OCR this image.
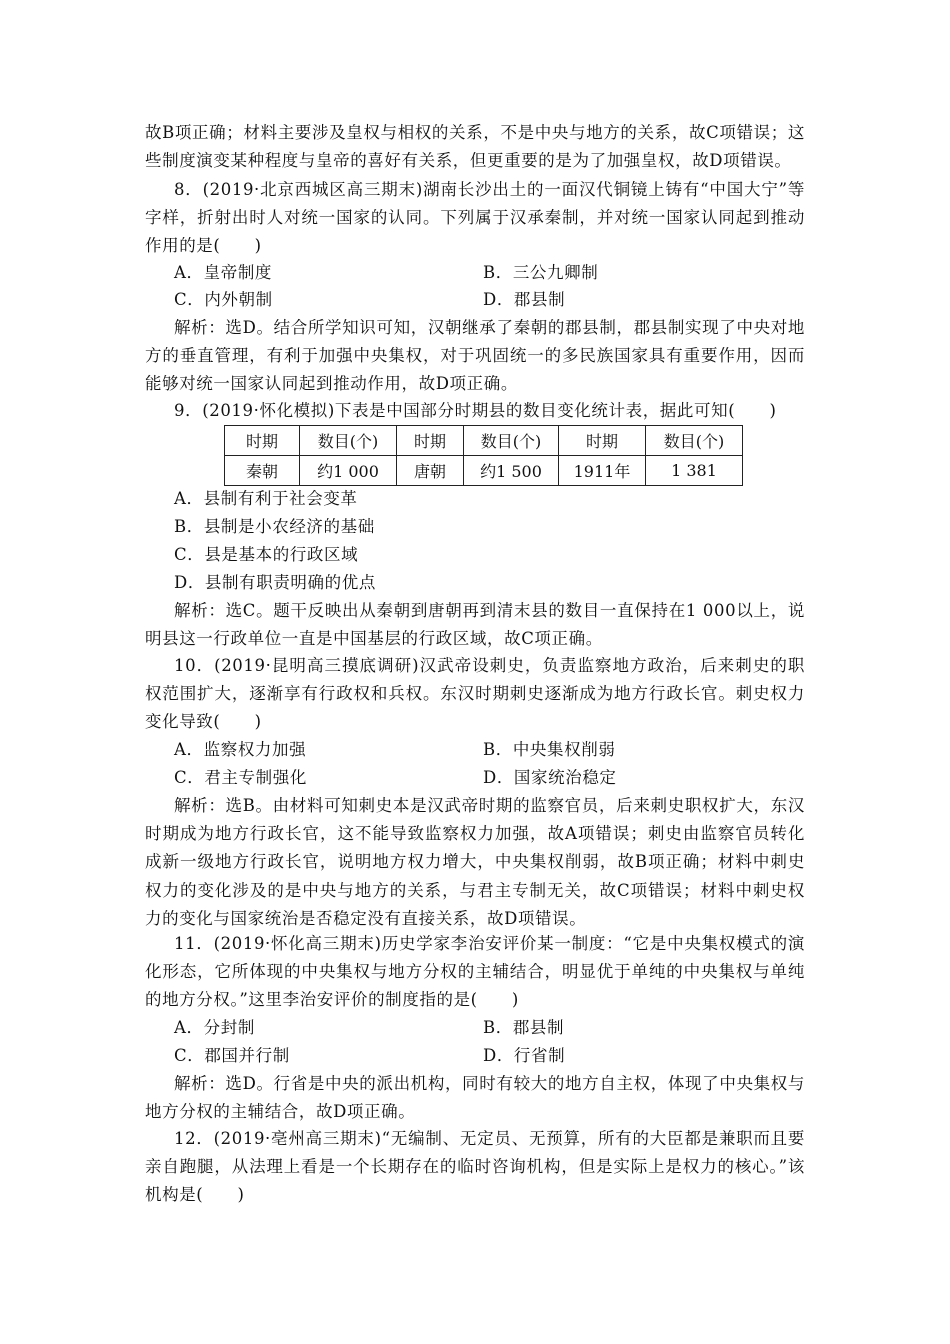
故B项正确；材料主要涉及皇权与相权的关系，不是中央与地方的关系，故C项错误；这些制度演变某种程度与皇帝的喜好有关系，但更重要的是为了加强皇权，故D项错误。
8．(2019·北京西城区高三期末)湖南长沙出土的一面汉代铜镜上铸有“中国大宁”等字样，折射出时人对统一国家的认同。下列属于汉承秦制，并对统一国家认同起到推动作用的是(　　)
A．皇帝制度	B．三公九卿制
C．内外朝制	D．郡县制
解析：选D。结合所学知识可知，汉朝继承了秦朝的郡县制，郡县制实现了中央对地方的垂直管理，有利于加强中央集权，对于巩固统一的多民族国家具有重要作用，因而能够对统一国家认同起到推动作用，故D项正确。
9．(2019·怀化模拟)下表是中国部分时期县的数目变化统计表，据此可知(　　)
时期	数目(个)	时期	数目(个)	时期	数目(个)
秦朝	约1 000	唐朝	约1 500	1911年	1 381
A．县制有利于社会变革
B．县制是小农经济的基础
C．县是基本的行政区域
D．县制有职责明确的优点
解析：选C。题干反映出从秦朝到唐朝再到清末县的数目一直保持在1 000以上，说明县这一行政单位一直是中国基层的行政区域，故C项正确。
10．(2019·昆明高三摸底调研)汉武帝设刺史，负责监察地方政治，后来刺史的职权范围扩大，逐渐享有行政权和兵权。东汉时期刺史逐渐成为地方行政长官。刺史权力变化导致(　　)
A．监察权力加强	B．中央集权削弱
C．君主专制强化	D．国家统治稳定
解析：选B。由材料可知刺史本是汉武帝时期的监察官员，后来刺史职权扩大，东汉时期成为地方行政长官，这不能导致监察权力加强，故A项错误；刺史由监察官员转化成新一级地方行政长官，说明地方权力增大，中央集权削弱，故B项正确；材料中刺史权力的变化涉及的是中央与地方的关系，与君主专制无关，故C项错误；材料中刺史权力的变化与国家统治是否稳定没有直接关系，故D项错误。
11．(2019·怀化高三期末)历史学家李治安评价某一制度：“它是中央集权模式的演化形态，它所体现的中央集权与地方分权的主辅结合，明显优于单纯的中央集权与单纯的地方分权。”这里李治安评价的制度指的是(　　)
A．分封制	B．郡县制
C．郡国并行制	D．行省制
解析：选D。行省是中央的派出机构，同时有较大的地方自主权，体现了中央集权与地方分权的主辅结合，故D项正确。
12．(2019·亳州高三期末)“无编制、无定员、无预算，所有的大臣都是兼职而且要亲自跑腿，从法理上看是一个长期存在的临时咨询机构，但是实际上是权力的核心。”该机构是(　　)
